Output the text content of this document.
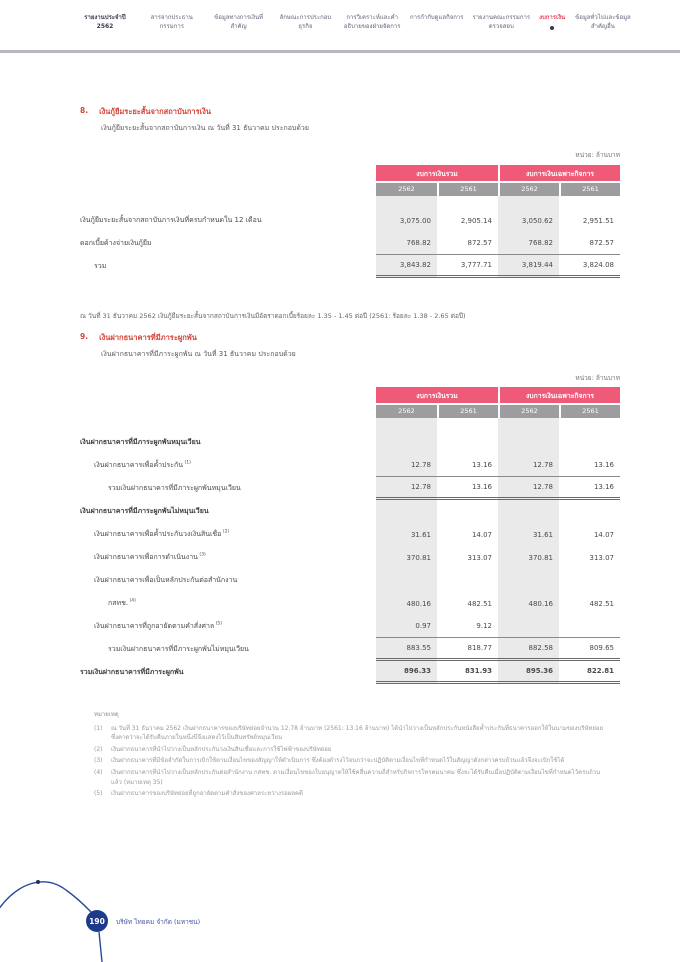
รายงานประจำปี 2562
สารจากประธานกรรมการ
ข้อมูลทางการเงินที่สำคัญ
ลักษณะการประกอบธุรกิจ
การวิเคราะห์และคำอธิบายของฝ่ายจัดการ
การกำกับดูแลกิจการ รายงานคณะกรรมการตรวจสอบ
งบการเงิน ข้อมูลทั่วไปและข้อมูลสำคัญอื่น
8. เงินกู้ยืมระยะสั้นจากสถาบันการเงิน
เงินกู้ยืมระยะสั้นจากสถาบันการเงิน ณ วันที่ 31 ธันวาคม ประกอบด้วย
หน่วย: ล้านบาท
งบการเงินรวม	งบการเงินเฉพาะกิจการ
2562	2561	2562	2561
เงินกู้ยืมระยะสั้นจากสถาบันการเงินที่ครบกำหนดใน 12 เดือน	3,075.00	2,905.14	3,050.62	2,951.51
ดอกเบี้ยค้างจ่ายเงินกู้ยืม	768.82	872.57	768.82	872.57
รวม	3,843.82	3,777.71	3,819.44	3,824.08
ณ วันที่ 31 ธันวาคม 2562 เงินกู้ยืมระยะสั้นจากสถาบันการเงินมีอัตราดอกเบี้ยร้อยละ 1.35 - 1.45 ต่อปี (2561: ร้อยละ 1.38 - 2.65 ต่อปี)
9. เงินฝากธนาคารที่มีภาระผูกพัน
เงินฝากธนาคารที่มีภาระผูกพัน ณ วันที่ 31 ธันวาคม ประกอบด้วย
หน่วย: ล้านบาท
งบการเงินรวม	งบการเงินเฉพาะกิจการ
2562	2561	2562	2561
เงินฝากธนาคารที่มีภาระผูกพันหมุนเวียน
เงินฝากธนาคารเพื่อค้ำประกัน $^{(1)}$	12.78	13.16	12.78	13.16
รวมเงินฝากธนาคารที่มีภาระผูกพันหมุนเวียน	12.78	13.16	12.78	13.16
เงินฝากธนาคารที่มีภาระผูกพันไม่หมุนเวียน
เงินฝากธนาคารเพื่อค้ำประกันวงเงินสินเชื่อ $^{(2)}$	31.61	14.07	31.61	14.07
เงินฝากธนาคารเพื่อการดำเนินงาน $^{(3)}$	370.81	313.07	370.81	313.07
เงินฝากธนาคารเพื่อเป็นหลักประกันต่อสำนักงาน
กสทช. $^{(4)}$	480.16	482.51	480.16	482.51
เงินฝากธนาคารที่ถูกอายัดตามคำสั่งศาล $^{(5)}$	0.97	9.12
รวมเงินฝากธนาคารที่มีภาระผูกพันไม่หมุนเวียน	883.55	818.77	882.58	809.65
รวมเงินฝากธนาคารที่มีภาระผูกพัน	896.33	831.93	895.36	822.81
หมายเหตุ
(1)	ณ วันที่ 31 ธันวาคม 2562 เงินฝากธนาคารของบริษัทย่อยจำนวน 12.78 ล้านบาท (2561: 13.16 ล้านบาท) ได้นำไปวางเป็นหลักประกันหนังสือค้ำประกันที่ธนาคารออกให้ในนามของบริษัทย่อย ซึ่งคาดว่าจะได้รับคืนภายในหนึ่งปีจึงแสดงไว้เป็นสินทรัพย์หมุนเวียน
(2)	เงินฝากธนาคารที่นำไปวางเป็นหลักประกันวงเงินสินเชื่อและการใช้ไฟฟ้าของบริษัทย่อย
(3)	เงินฝากธนาคารที่มีข้อจำกัดในการเบิกใช้ตามเงื่อนไขของสัญญาให้ดำเนินการ ซึ่งต้องดำรงไว้จนกว่าจะปฏิบัติตามเงื่อนไขที่กำหนดไว้ในสัญญาดังกล่าวครบถ้วนแล้วจึงจะเบิกใช้ได้
(4)	เงินฝากธนาคารที่นำไปวางเป็นหลักประกันต่อสำนักงาน กสทช. ตามเงื่อนไขของใบอนุญาตให้ใช้คลื่นความถี่สำหรับกิจการโทรคมนาคม ซึ่งจะได้รับคืนเมื่อปฏิบัติตามเงื่อนไขที่กำหนดไว้ครบถ้วนแล้ว (หมายเหตุ 35)
(5)	เงินฝากธนาคารของบริษัทย่อยที่ถูกอายัดตามคำสั่งของศาลระหว่างรอผลคดี
190 บริษัท ไทยคม จำกัด (มหาชน)
